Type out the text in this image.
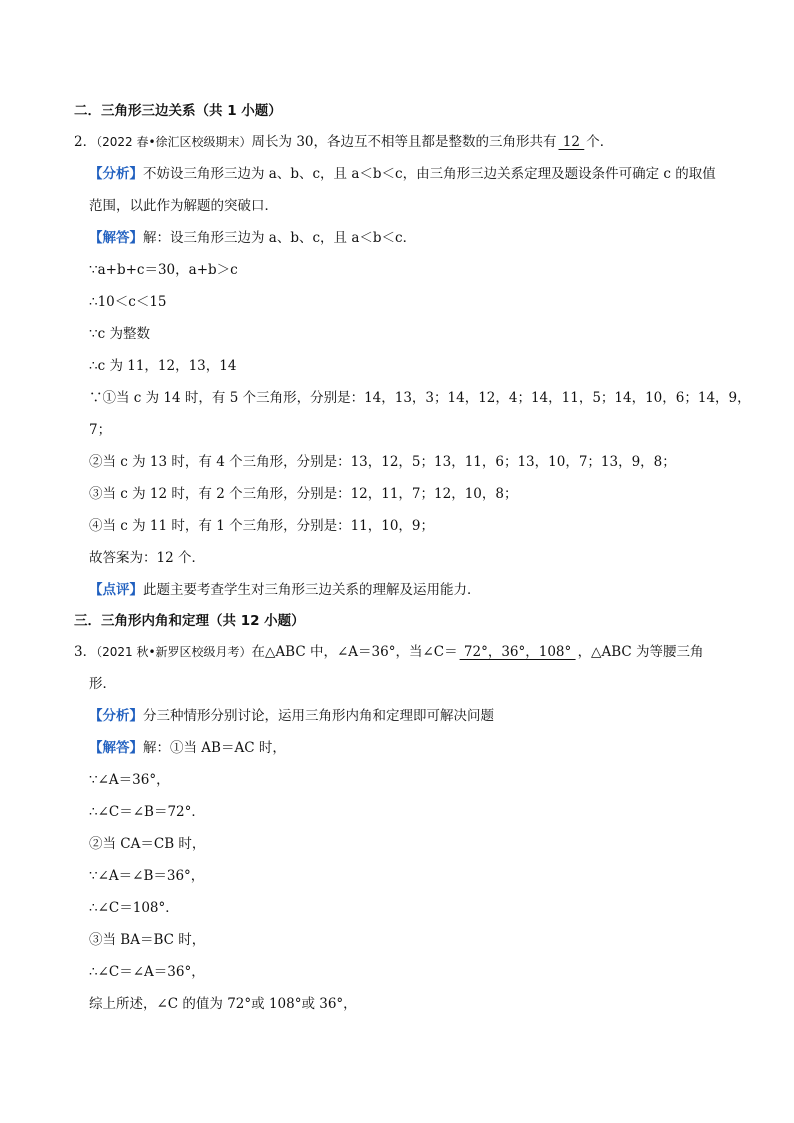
二．三角形三边关系（共 1 小题）
2．（2022 春•徐汇区校级期末）周长为 30，各边互不相等且都是整数的三角形共有 12 个．
【分析】不妨设三角形三边为 a、b、c，且 a＜b＜c，由三角形三边关系定理及题设条件可确定 c 的取值
范围，以此作为解题的突破口．
【解答】解：设三角形三边为 a、b、c，且 a＜b＜c．
∵a+b+c＝30，a+b＞c
∴10＜c＜15
∵c 为整数
∴c 为 11，12，13，14
∵①当 c 为 14 时，有 5 个三角形，分别是：14，13，3；14，12，4；14，11，5；14，10，6；14，9，
7；
②当 c 为 13 时，有 4 个三角形，分别是：13，12，5；13，11，6；13，10，7；13，9，8；
③当 c 为 12 时，有 2 个三角形，分别是：12，11，7；12，10，8；
④当 c 为 11 时，有 1 个三角形，分别是：11，10，9；
故答案为：12 个．
【点评】此题主要考查学生对三角形三边关系的理解及运用能力．
三．三角形内角和定理（共 12 小题）
3．（2021 秋•新罗区校级月考）在△ABC 中，∠A＝36°，当∠C＝ 72°，36°，108° ，△ABC 为等腰三角
形．
【分析】分三种情形分别讨论，运用三角形内角和定理即可解决问题
【解答】解：①当 AB＝AC 时，
∵∠A＝36°，
∴∠C＝∠B＝72°．
②当 CA＝CB 时，
∵∠A＝∠B＝36°，
∴∠C＝108°．
③当 BA＝BC 时，
∴∠C＝∠A＝36°，
综上所述，∠C 的值为 72°或 108°或 36°，
